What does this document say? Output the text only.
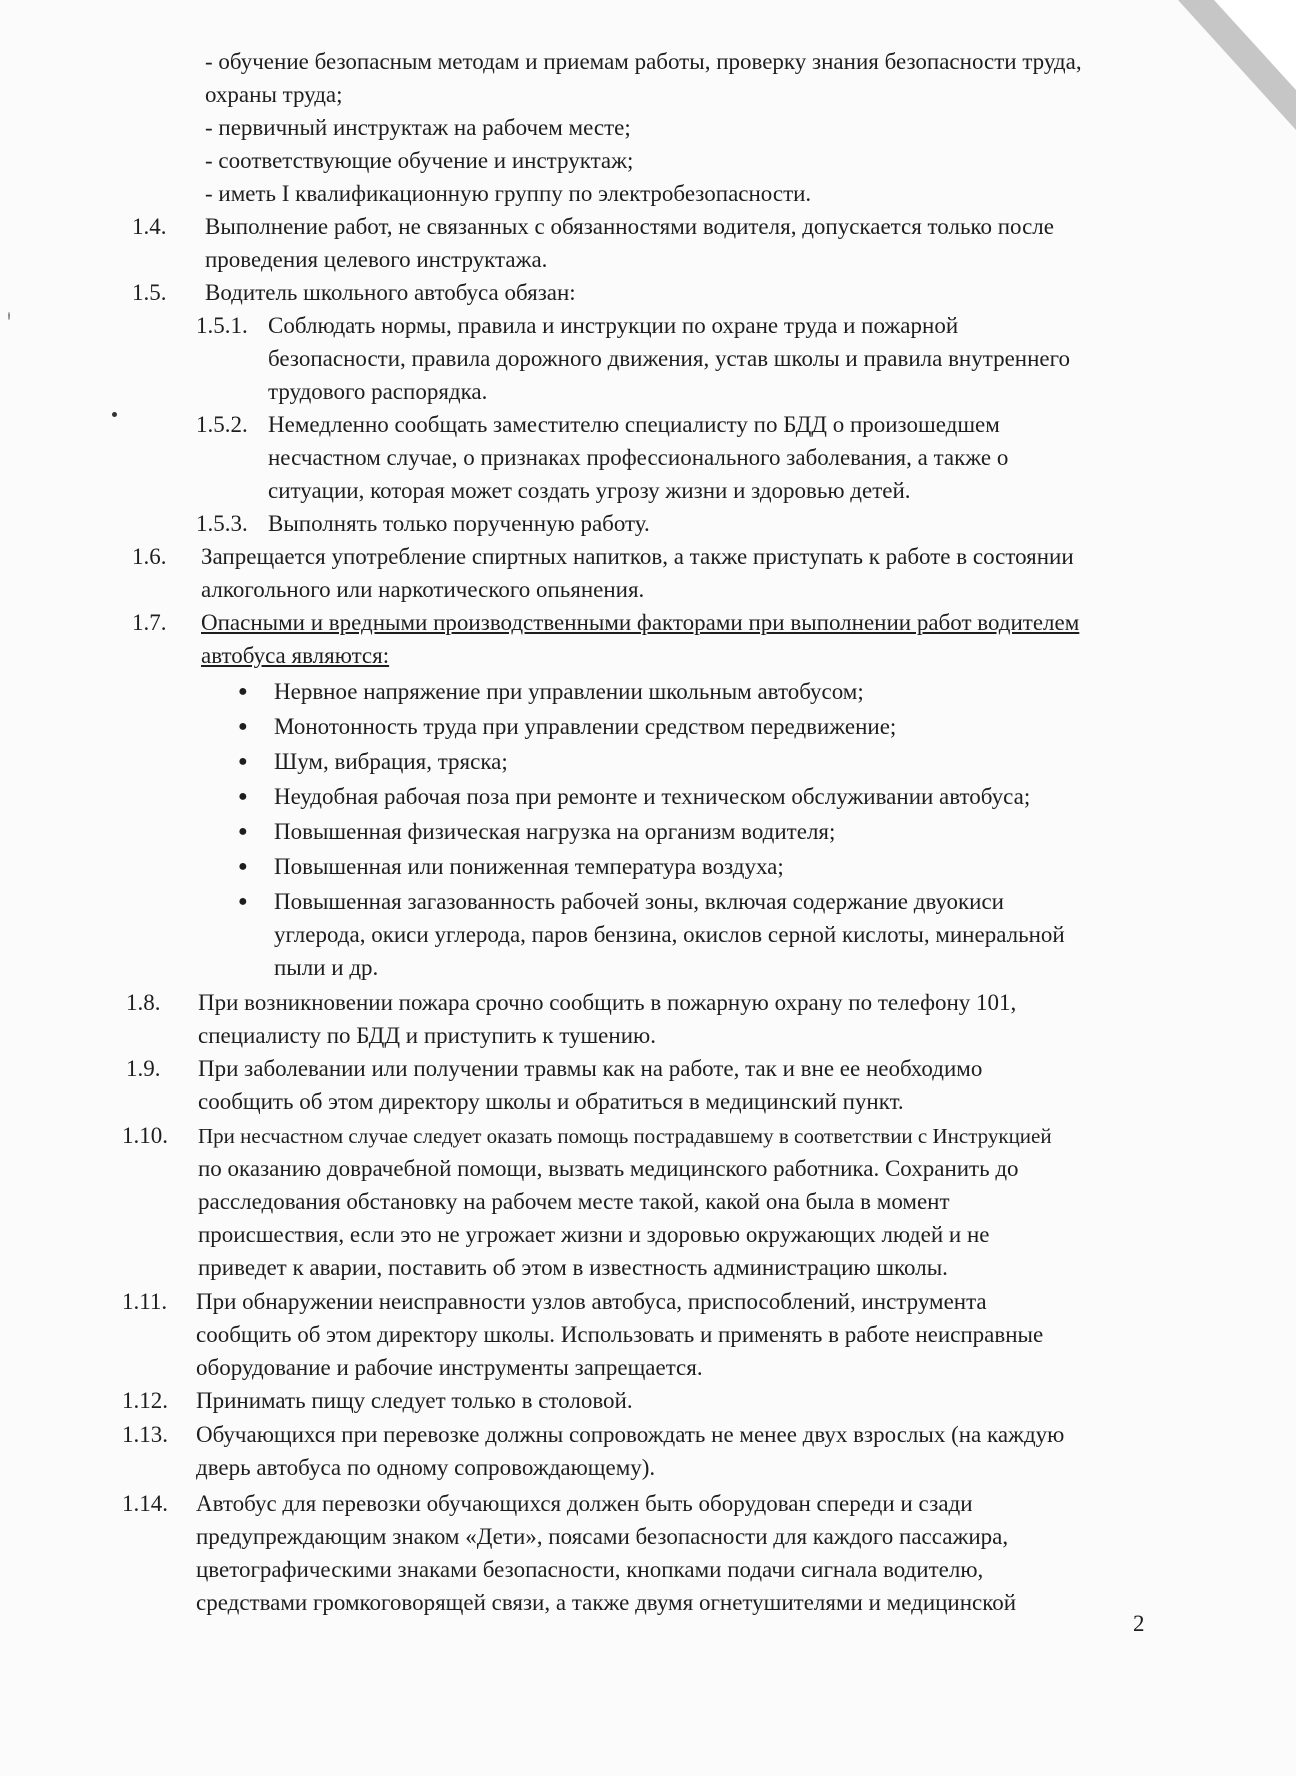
- обучение безопасным методам и приемам работы, проверку знания безопасности труда,
охраны труда;
- первичный инструктаж на рабочем месте;
- соответствующие обучение и инструктаж;
- иметь I квалификационную группу по электробезопасности.
1.4. Выполнение работ, не связанных с обязанностями водителя, допускается только после
проведения целевого инструктажа.
1.5. Водитель школьного автобуса обязан:
1.5.1. Соблюдать нормы, правила и инструкции по охране труда и пожарной
безопасности, правила дорожного движения, устав школы и правила внутреннего
трудового распорядка.
1.5.2. Немедленно сообщать заместителю специалисту по БДД о произошедшем
несчастном случае, о признаках профессионального заболевания, а также о
ситуации, которая может создать угрозу жизни и здоровью детей.
1.5.3. Выполнять только порученную работу.
1.6. Запрещается употребление спиртных напитков, а также приступать к работе в состоянии
алкогольного или наркотического опьянения.
1.7. Опасными и вредными производственными факторами при выполнении работ водителем
автобуса являются:
● Нервное напряжение при управлении школьным автобусом;
● Монотонность труда при управлении средством передвижение;
● Шум, вибрация, тряска;
● Неудобная рабочая поза при ремонте и техническом обслуживании автобуса;
● Повышенная физическая нагрузка на организм водителя;
● Повышенная или пониженная температура воздуха;
● Повышенная загазованность рабочей зоны, включая содержание двуокиси
углерода, окиси углерода, паров бензина, окислов серной кислоты, минеральной
пыли и др.
1.8. При возникновении пожара срочно сообщить в пожарную охрану по телефону 101,
специалисту по БДД и приступить к тушению.
1.9. При заболевании или получении травмы как на работе, так и вне ее необходимо
сообщить об этом директору школы и обратиться в медицинский пункт.
1.10. При несчастном случае следует оказать помощь пострадавшему в соответствии с Инструкцией
по оказанию доврачебной помощи, вызвать медицинского работника. Сохранить до
расследования обстановку на рабочем месте такой, какой она была в момент
происшествия, если это не угрожает жизни и здоровью окружающих людей и не
приведет к аварии, поставить об этом в известность администрацию школы.
1.11. При обнаружении неисправности узлов автобуса, приспособлений, инструмента
сообщить об этом директору школы. Использовать и применять в работе неисправные
оборудование и рабочие инструменты запрещается.
1.12. Принимать пищу следует только в столовой.
1.13. Обучающихся при перевозке должны сопровождать не менее двух взрослых (на каждую
дверь автобуса по одному сопровождающему).
1.14. Автобус для перевозки обучающихся должен быть оборудован спереди и сзади
предупреждающим знаком «Дети», поясами безопасности для каждого пассажира,
цветографическими знаками безопасности, кнопками подачи сигнала водителю,
средствами громкоговорящей связи, а также двумя огнетушителями и медицинской
2
